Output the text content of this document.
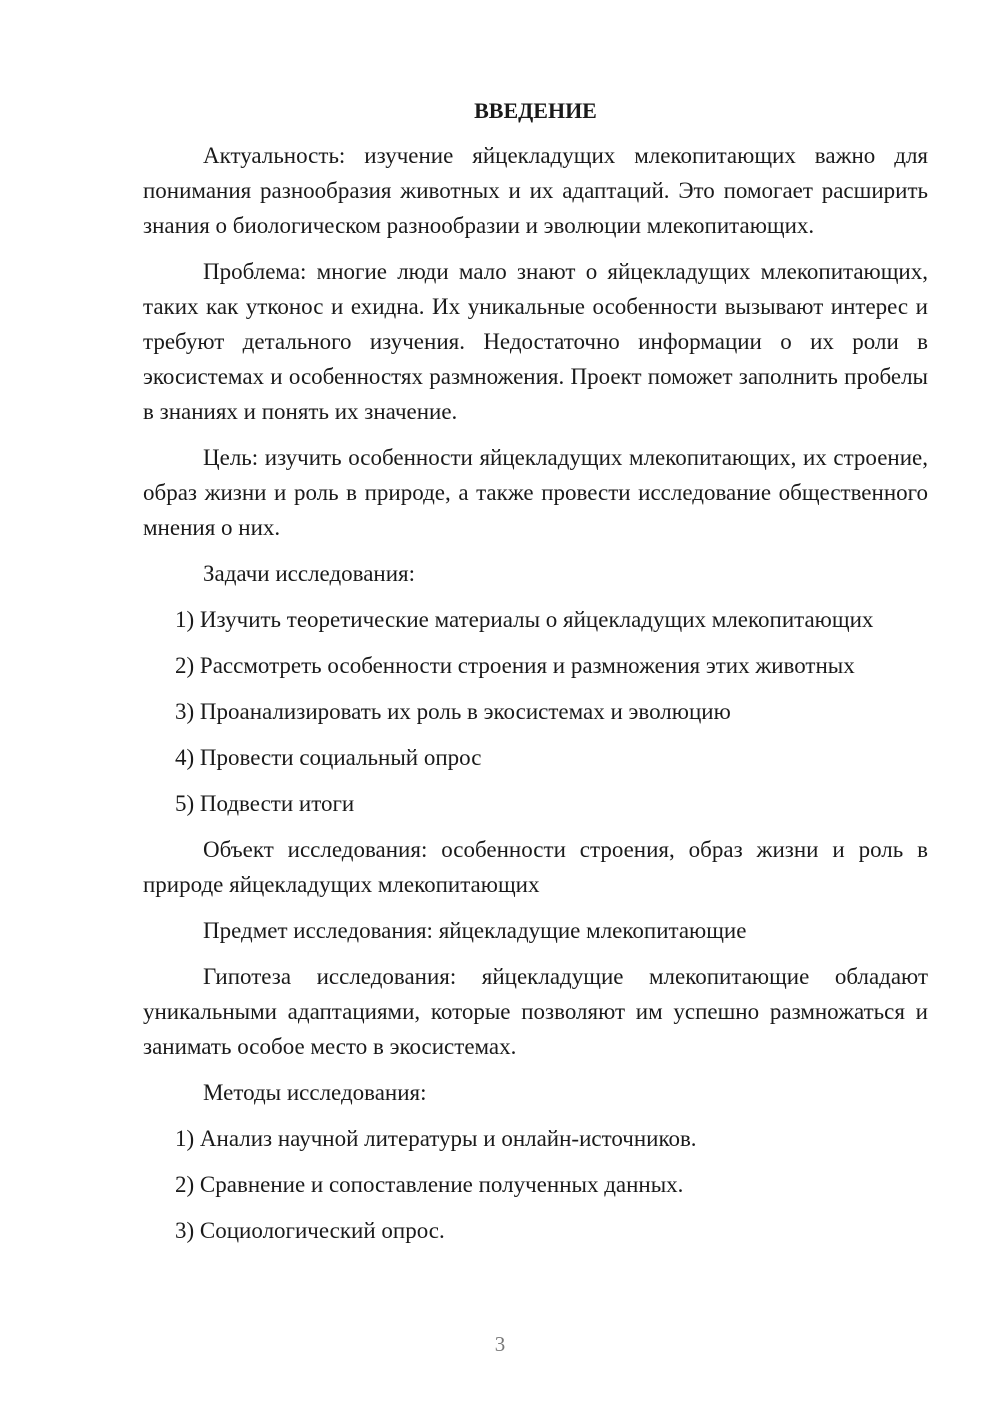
ВВЕДЕНИЕ

Актуальность: изучение яйцекладущих млекопитающих важно для понимания разнообразия животных и их адаптаций. Это помогает расширить знания о биологическом разнообразии и эволюции млекопитающих.

Проблема: многие люди мало знают о яйцекладущих млекопитающих, таких как утконос и ехидна. Их уникальные особенности вызывают интерес и требуют детального изучения. Недостаточно информации о их роли в экосистемах и особенностях размножения. Проект поможет заполнить пробелы в знаниях и понять их значение.

Цель: изучить особенности яйцекладущих млекопитающих, их строение, образ жизни и роль в природе, а также провести исследование общественного мнения о них.

Задачи исследования:

1) Изучить теоретические материалы о яйцекладущих млекопитающих
2) Рассмотреть особенности строения и размножения этих животных
3) Проанализировать их роль в экосистемах и эволюцию
4) Провести социальный опрос
5) Подвести итоги

Объект исследования: особенности строения, образ жизни и роль в природе яйцекладущих млекопитающих

Предмет исследования: яйцекладущие млекопитающие

Гипотеза исследования: яйцекладущие млекопитающие обладают уникальными адаптациями, которые позволяют им успешно размножаться и занимать особое место в экосистемах.

Методы исследования:

1) Анализ научной литературы и онлайн-источников.
2) Сравнение и сопоставление полученных данных.
3) Социологический опрос.
3
